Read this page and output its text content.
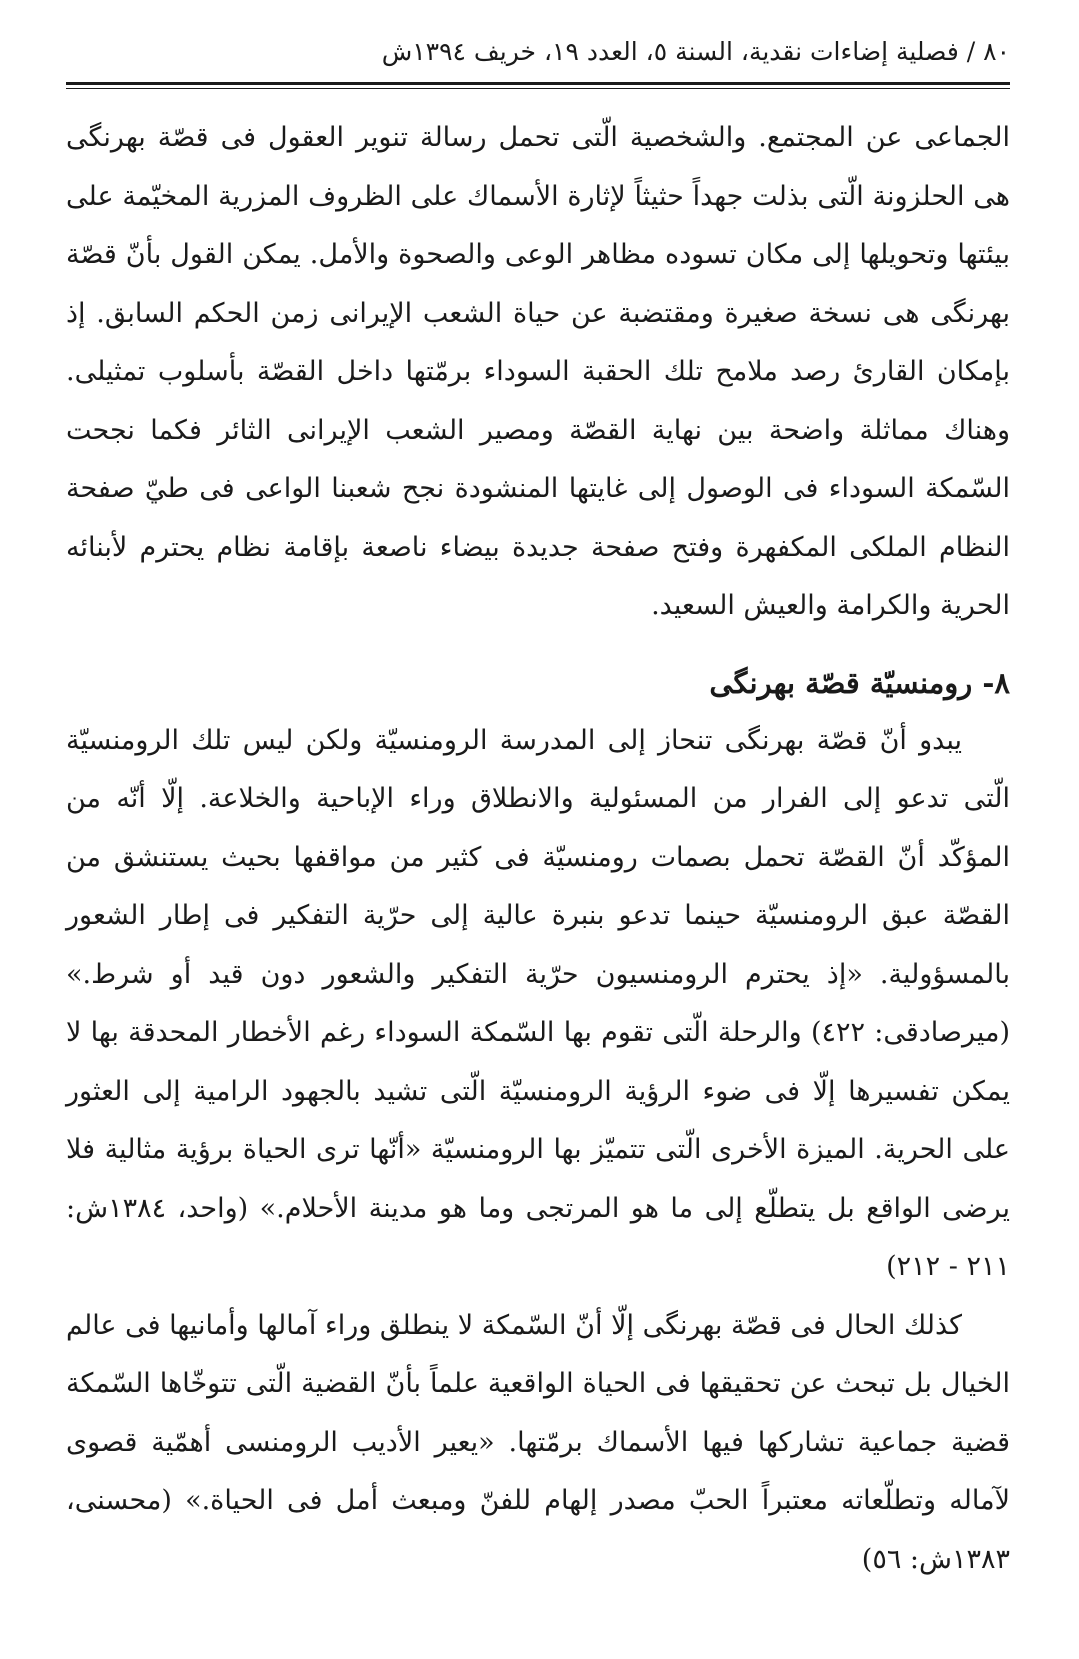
٨٠ / فصلية إضاءات نقدية، السنة ٥، العدد ١٩، خريف ١٣٩٤ش

الجماعى عن المجتمع. والشخصية الّتى تحمل رسالة تنوير العقول فى قصّة بهرنگى هى الحلزونة الّتى بذلت جهداً حثيثاً لإثارة الأسماك على الظروف المزرية المخيّمة على بيئتها وتحويلها إلى مكان تسوده مظاهر الوعى والصحوة والأمل. يمكن القول بأنّ قصّة بهرنگى هى نسخة صغيرة ومقتضبة عن حياة الشعب الإيرانى زمن الحكم السابق. إذ بإمكان القارئ رصد ملامح تلك الحقبة السوداء برمّتها داخل القصّة بأسلوب تمثيلى. وهناك مماثلة واضحة بين نهاية القصّة ومصير الشعب الإيرانى الثائر فكما نجحت السّمكة السوداء فى الوصول إلى غايتها المنشودة نجح شعبنا الواعى فى طيّ صفحة النظام الملكى المكفهرة وفتح صفحة جديدة بيضاء ناصعة بإقامة نظام يحترم لأبنائه الحرية والكرامة والعيش السعيد.

٨- رومنسيّة قصّة بهرنگى

يبدو أنّ قصّة بهرنگى تنحاز إلى المدرسة الرومنسيّة ولكن ليس تلك الرومنسيّة الّتى تدعو إلى الفرار من المسئولية والانطلاق وراء الإباحية والخلاعة. إلّا أنّه من المؤكّد أنّ القصّة تحمل بصمات رومنسيّة فى كثير من مواقفها بحيث يستنشق من القصّة عبق الرومنسيّة حينما تدعو بنبرة عالية إلى حرّية التفكير فى إطار الشعور بالمسؤولية. «إذ يحترم الرومنسيون حرّية التفكير والشعور دون قيد أو شرط.» (ميرصادقى: ٤٢٢) والرحلة الّتى تقوم بها السّمكة السوداء رغم الأخطار المحدقة بها لا يمكن تفسيرها إلّا فى ضوء الرؤية الرومنسيّة الّتى تشيد بالجهود الرامية إلى العثور على الحرية. الميزة الأخرى الّتى تتميّز بها الرومنسيّة «أنّها ترى الحياة برؤية مثالية فلا يرضى الواقع بل يتطلّع إلى ما هو المرتجى وما هو مدينة الأحلام.» (واحد، ١٣٨٤ش: ٢١١ - ٢١٢)

كذلك الحال فى قصّة بهرنگى إلّا أنّ السّمكة لا ينطلق وراء آمالها وأمانيها فى عالم الخيال بل تبحث عن تحقيقها فى الحياة الواقعية علماً بأنّ القضية الّتى تتوخّاها السّمكة قضية جماعية تشاركها فيها الأسماك برمّتها. «يعير الأديب الرومنسى أهمّية قصوى لآماله وتطلّعاته معتبراً الحبّ مصدر إلهام للفنّ ومبعث أمل فى الحياة.» (محسنى، ١٣٨٣ش: ٥٦)
